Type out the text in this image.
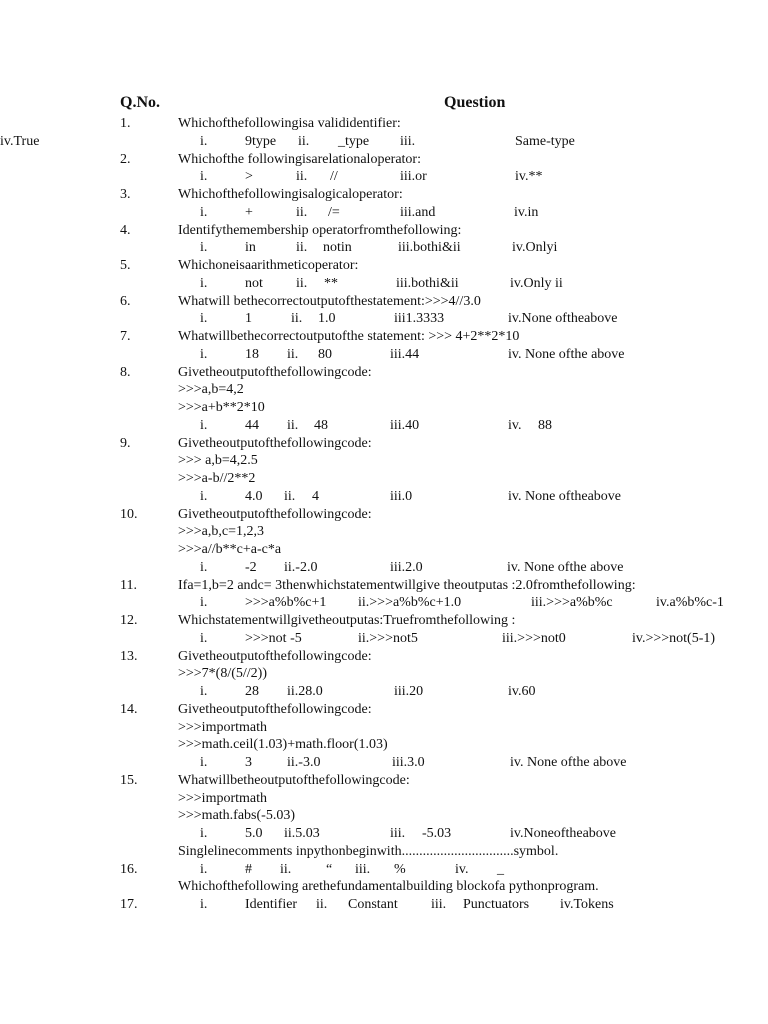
Q.No.	Question
1.	Whichofthefollowingisa valididentifier:
i.	9type ii. _type iii.	Same-type
iv.True
2.	Whichofthe followingisarelationaloperator:
i.	>	ii. //	iii.or	iv.**
3.	Whichofthefollowingisalogicaloperator:
i.	+	ii. /=	iii.and	iv.in
4.	Identifythemembership operatorfromthefollowing:
i.	in	ii. notin	iii.bothi&ii	iv.Onlyi
5.	Whichoneisaarithmeticoperator:
i.	not ii. **	iii.bothi&ii	iv.Only ii
6.	Whatwill bethecorrectoutputofthestatement:>>>4//3.0
i.	1	ii. 1.0	iii1.3333	iv.None oftheabove
7.	Whatwillbethecorrectoutputofthe statement: >>> 4+2**2*10
i.	18 ii. 80	iii.44	iv. None ofthe above
8.	Givetheoutputofthefollowingcode:
>>>a,b=4,2
>>>a+b**2*10
i.	44 ii. 48	iii.40	iv. 88
9.	Givetheoutputofthefollowingcode:
>>> a,b=4,2.5
>>>a-b//2**2
i.	4.0 ii. 4	iii.0	iv. None oftheabove
10.	Givetheoutputofthefollowingcode:
>>>a,b,c=1,2,3
>>>a//b**c+a-c*a
i.	-2 ii.-2.0	iii.2.0	iv. None ofthe above
11.	Ifa=1,b=2 andc= 3thenwhichstatementwillgive theoutputas :2.0fromthefollowing:
i.	>>>a%b%c+1 ii.>>>a%b%c+1.0	iii.>>>a%b%c	iv.a%b%c-1
12.	Whichstatementwillgivetheoutputas:Truefromthefollowing :
i.	>>>not -5	ii.>>>not5	iii.>>>not0	iv.>>>not(5-1)
13.	Givetheoutputofthefollowingcode:
>>>7*(8/(5//2))
i.	28 ii.28.0	iii.20	iv.60
14.	Givetheoutputofthefollowingcode:
>>>importmath
>>>math.ceil(1.03)+math.floor(1.03)
i.	3	ii.-3.0	iii.3.0	iv. None ofthe above
15.	Whatwillbetheoutputofthefollowingcode:
>>>importmath
>>>math.fabs(-5.03)
i.	5.0 ii.5.03	iii. -5.03	iv.Noneoftheabove
Singlelinecomments inpythonbeginwith................................symbol.
16.	i.	# ii. “ iii. %	iv. _
Whichofthefollowing arethefundamentalbuilding blockofa pythonprogram.
17.	i.	Identifier ii. Constant iii. Punctuators iv.Tokens
